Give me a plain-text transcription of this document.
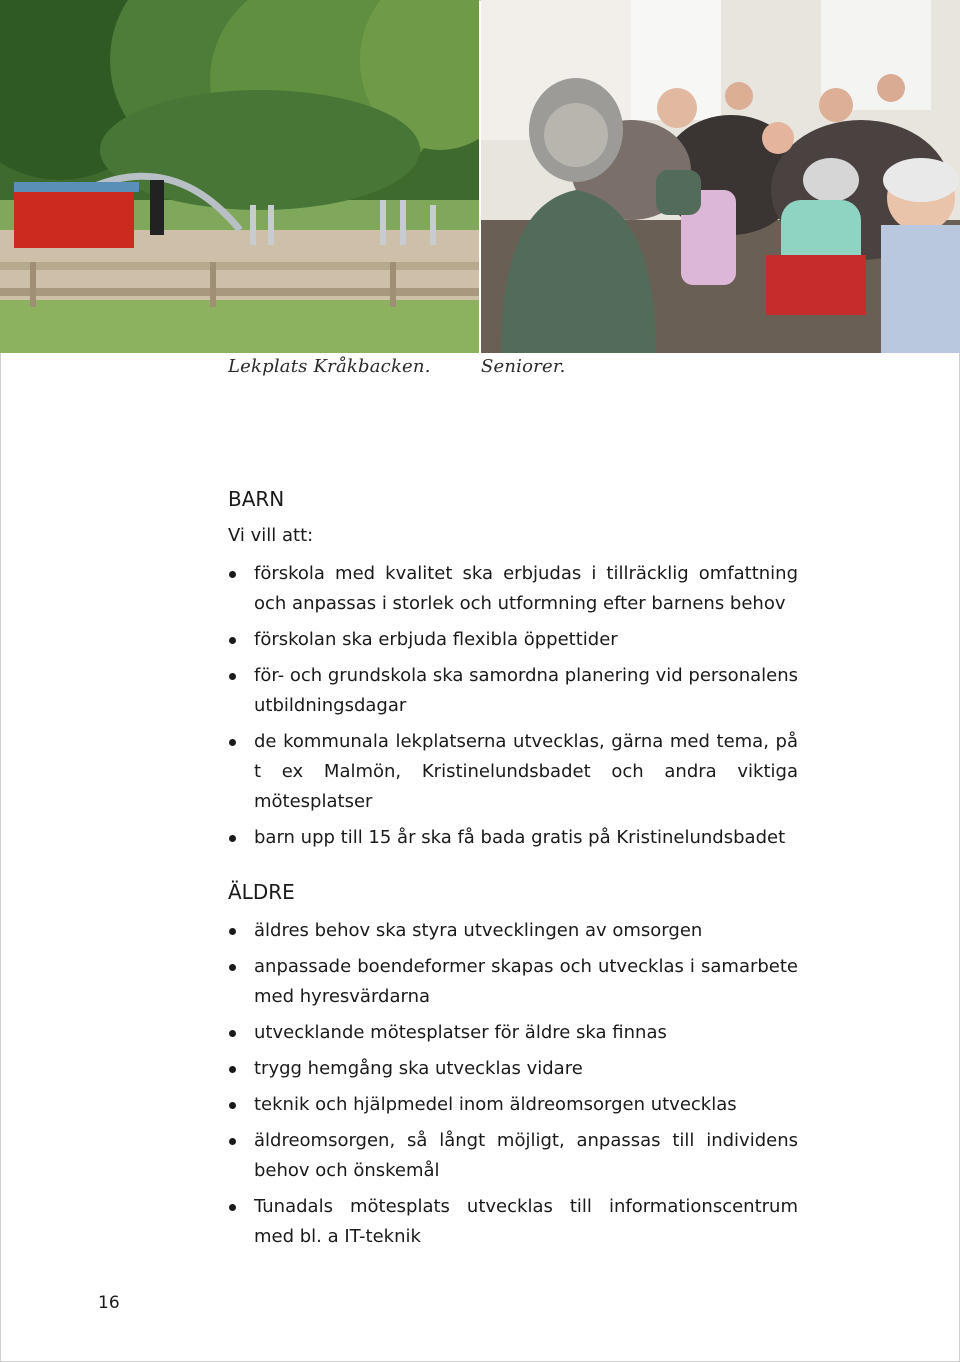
Lekplats Kråkbacken.	Seniorer.
BARN

Vi vill att:

förskola med kvalitet ska erbjudas i tillräcklig omfattning och anpassas i storlek och utformning efter barnens behov
förskolan ska erbjuda flexibla öppettider
för- och grundskola ska samordna planering vid personalens utbildningsdagar
de kommunala lekplatserna utvecklas, gärna med tema, på t ex Malmön, Kristinelundsbadet och andra viktiga mötesplatser
barn upp till 15 år ska få bada gratis på Kristinelundsbadet
ÄLDRE
äldres behov ska styra utvecklingen av omsorgen
anpassade boendeformer skapas och utvecklas i samarbete med hyresvärdarna
utvecklande mötesplatser för äldre ska finnas
trygg hemgång ska utvecklas vidare
teknik och hjälpmedel inom äldreomsorgen utvecklas
äldreomsorgen, så långt möjligt, anpassas till individens behov och önskemål
Tunadals mötesplats utvecklas till informationscentrum med bl. a IT-teknik
16
